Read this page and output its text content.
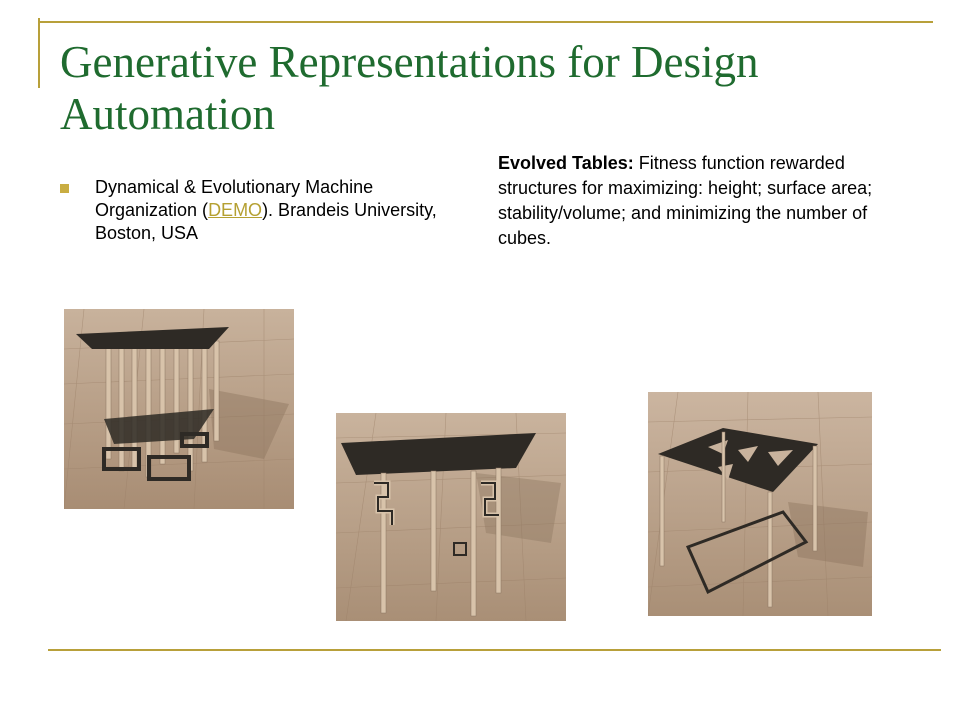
Generative Representations for Design Automation
Dynamical & Evolutionary Machine Organization (DEMO). Brandeis University, Boston, USA
Evolved Tables: Fitness function rewarded structures for maximizing: height; surface area; stability/volume; and minimizing the number of cubes.
